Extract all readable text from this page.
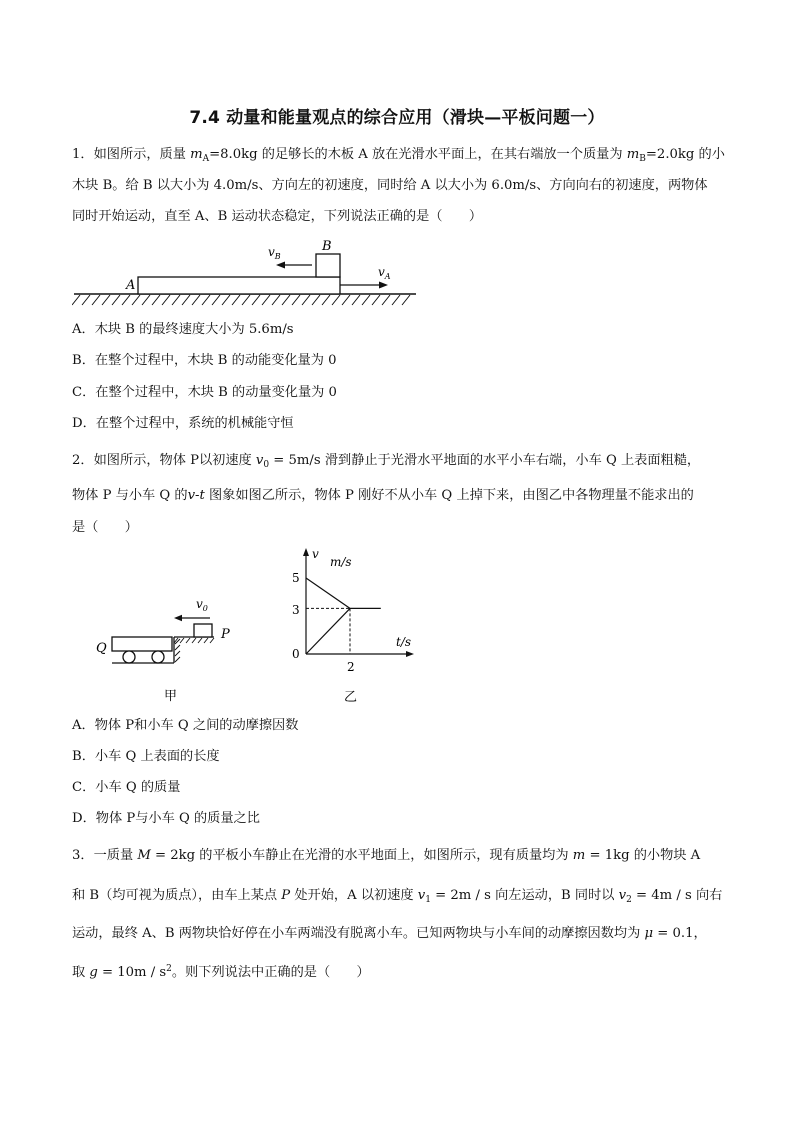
7.4 动量和能量观点的综合应用（滑块—平板问题一）
1．如图所示，质量 $m_A=8.0kg$ 的足够长的木板 A 放在光滑水平面上，在其右端放一个质量为 $m_B=2.0kg$ 的小
木块 B。给 B 以大小为 4.0m/s、方向左的初速度，同时给 A 以大小为 6.0m/s、方向向右的初速度，两物体
同时开始运动，直至 A、B 运动状态稳定，下列说法正确的是（　　）
A
B
$v_B$
$v_A$
A．木块 B 的最终速度大小为 5.6m/s
B．在整个过程中，木块 B 的动能变化量为 0
C．在整个过程中，木块 B 的动量变化量为 0
D．在整个过程中，系统的机械能守恒
2．如图所示，物体 P以初速度 $v_0 = 5m/s$ 滑到静止于光滑水平地面的水平小车右端，小车 Q 上表面粗糙，
物体 P 与小车 Q 的v-t 图象如图乙所示，物体 P 刚好不从小车 Q 上掉下来，由图乙中各物理量不能求出的
是（　　）
$v_0$
Q
P
甲
v
m/s
t/s
5
3
0
2
乙
A．物体 P和小车 Q 之间的动摩擦因数
B．小车 Q 上表面的长度
C．小车 Q 的质量
D．物体 P与小车 Q 的质量之比
3．一质量 M = 2kg 的平板小车静止在光滑的水平地面上，如图所示，现有质量均为 m = 1kg 的小物块 A
和 B（均可视为质点），由车上某点 P 处开始，A 以初速度 $v_1 = 2m / s$ 向左运动，B 同时以 $v_2 = 4m / s$ 向右
运动，最终 A、B 两物块恰好停在小车两端没有脱离小车。已知两物块与小车间的动摩擦因数均为 μ = 0.1，
取 $g = 10m / s^2$。则下列说法中正确的是（　　）
